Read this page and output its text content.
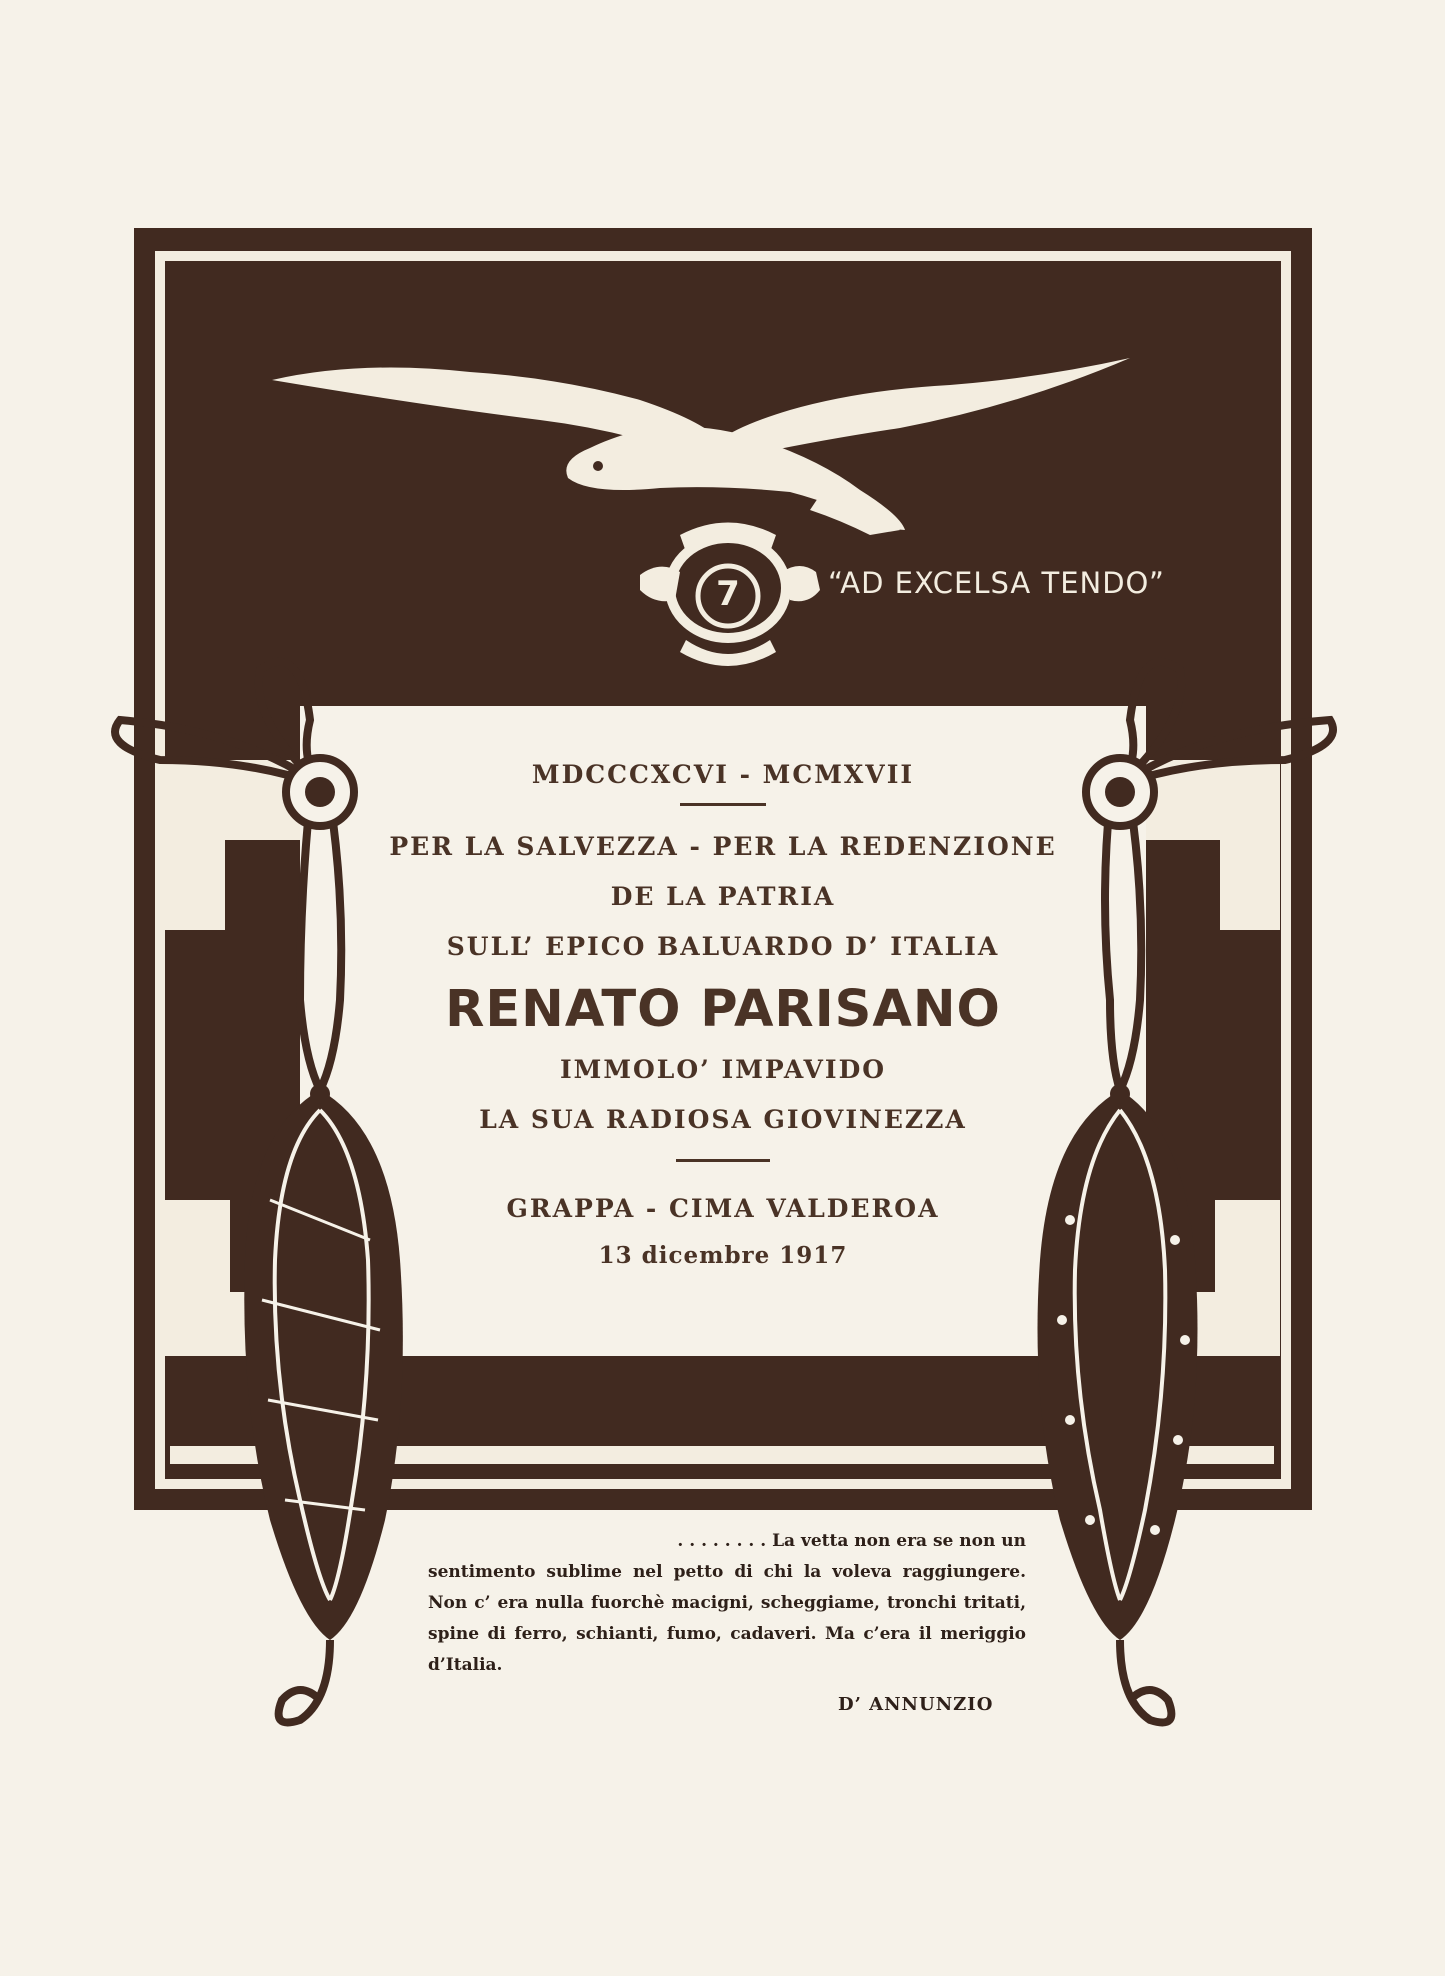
7	“AD EXCELSA TENDO”
MDCCCXCVI - MCMXVII
PER LA SALVEZZA - PER LA REDENZIONE
DE LA PATRIA
SULL’ EPICO BALUARDO D’ ITALIA
RENATO PARISANO
IMMOLO’ IMPAVIDO
LA SUA RADIOSA GIOVINEZZA
GRAPPA - CIMA VALDEROA
13 dicembre 1917
. . . . . . . . La vetta non era se non un
sentimento sublime nel petto di chi la voleva raggiungere. Non c’ era nulla fuorchè macigni, scheggiame, tronchi tritati, spine di ferro, schianti, fumo, cadaveri. Ma c’era il meriggio d’Italia.
D’ ANNUNZIO
